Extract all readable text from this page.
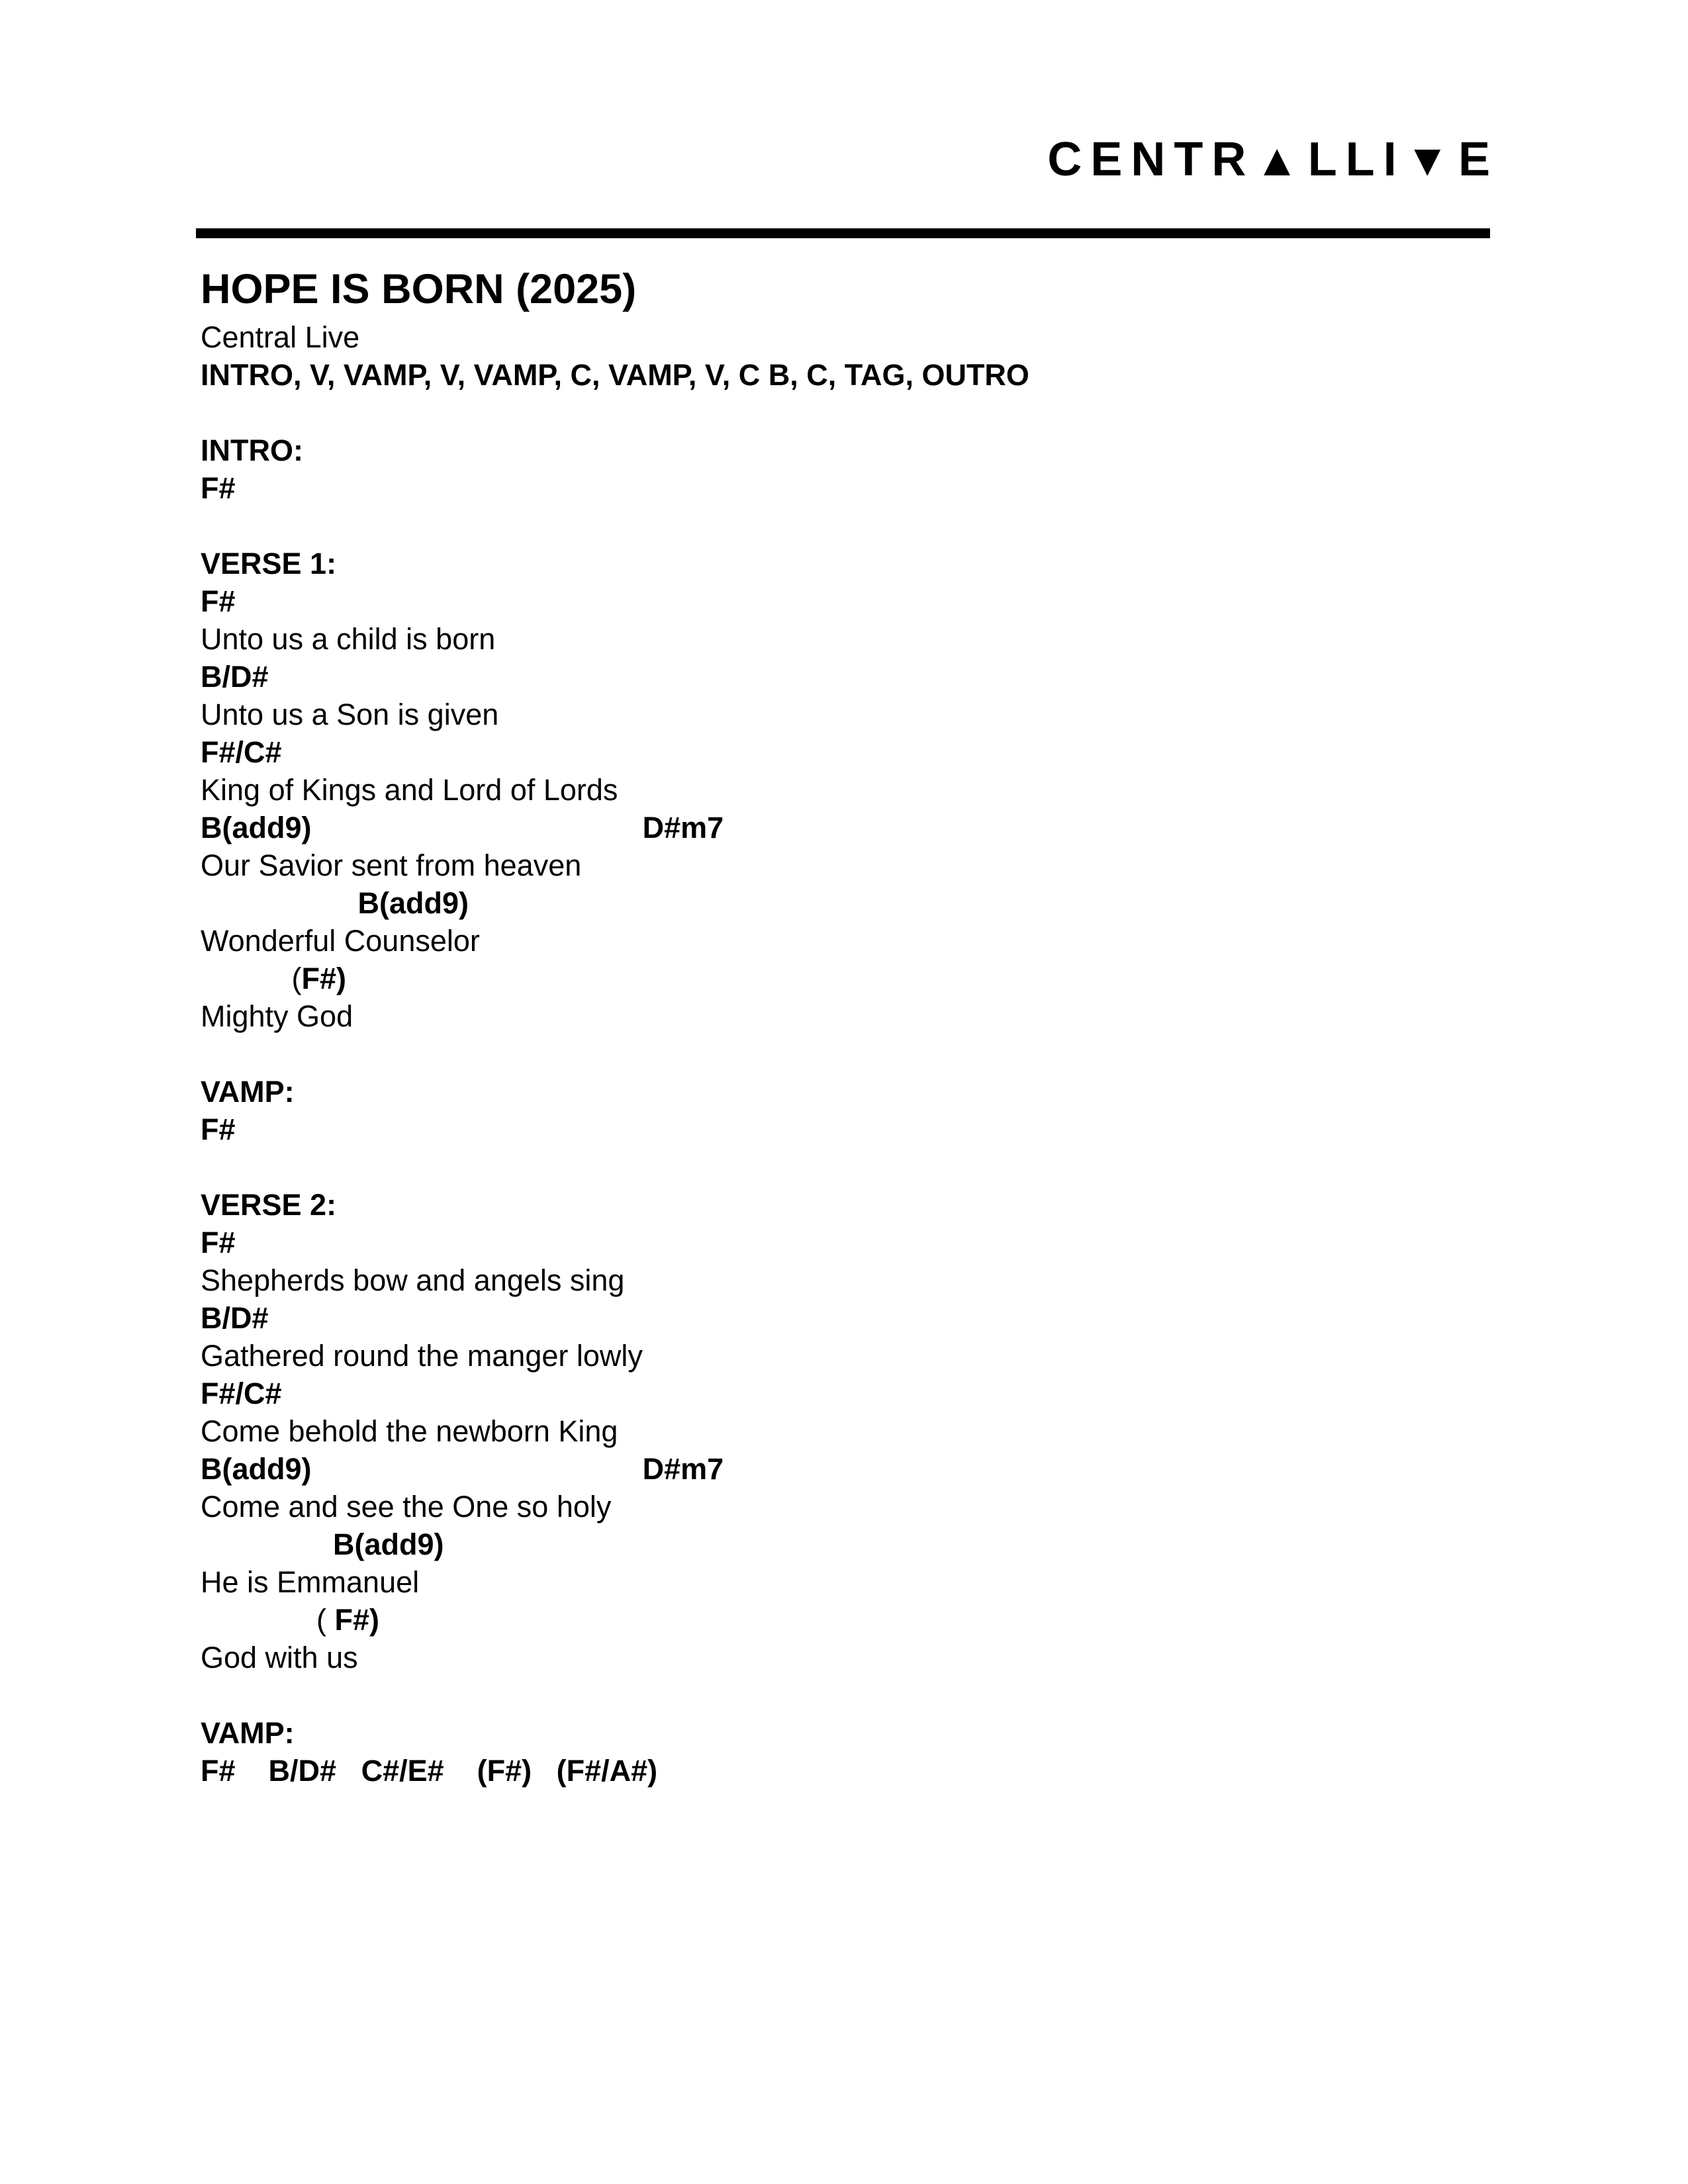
CENTR▲LLI▼E
HOPE IS BORN (2025)
Central Live
INTRO, V, VAMP, V, VAMP, C, VAMP, V, C B, C, TAG, OUTRO
INTRO:
F#
VERSE 1:
F#
Unto us a child is born
B/D#
Unto us a Son is given
F#/C#
King of Kings and Lord of Lords
B(add9)                                        D#m7
Our Savior sent from heaven
B(add9)
Wonderful Counselor
(F#)
Mighty God
VAMP:
F#
VERSE 2:
F#
Shepherds bow and angels sing
B/D#
Gathered round the manger lowly
F#/C#
Come behold the newborn King
B(add9)                                        D#m7
Come and see the One so holy
B(add9)
He is Emmanuel
( F#)
God with us
VAMP:
F#    B/D#   C#/E#    (F#)   (F#/A#)
